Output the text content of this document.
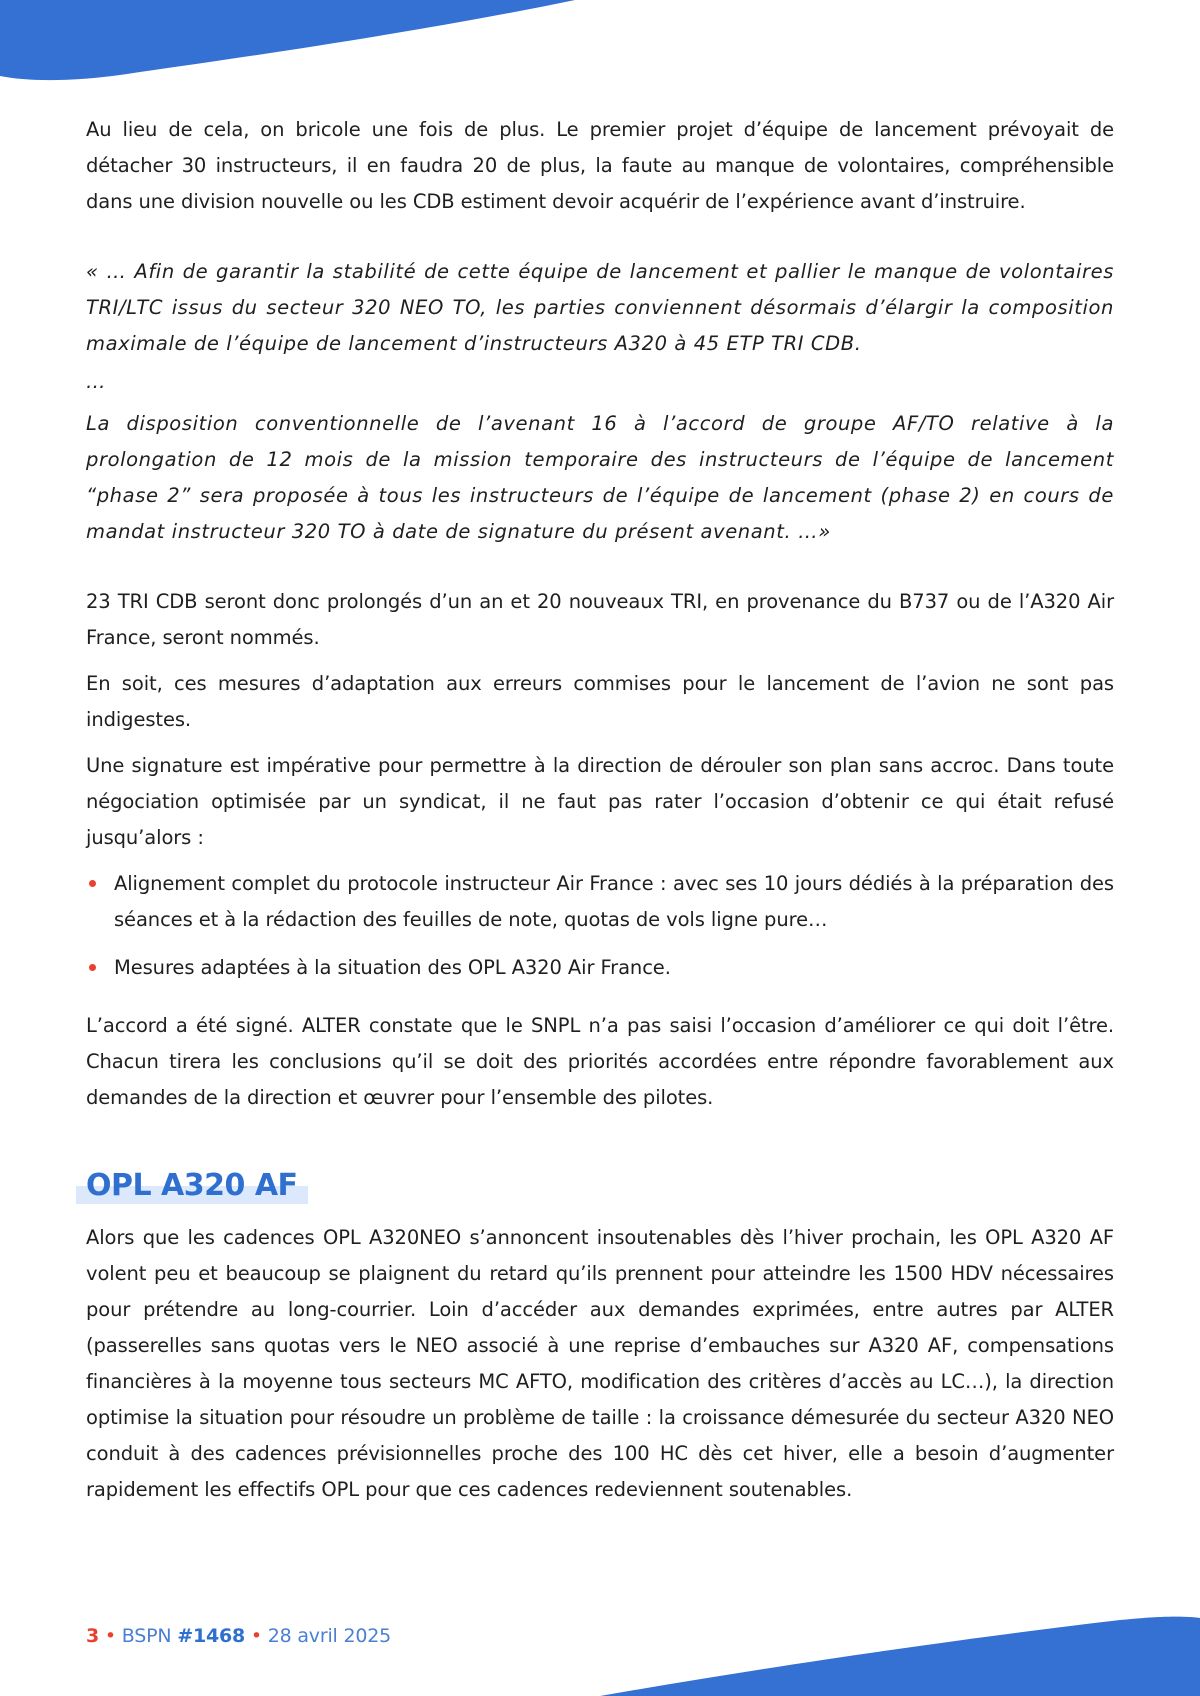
Au lieu de cela, on bricole une fois de plus. Le premier projet d’équipe de lancement prévoyait de détacher 30 instructeurs, il en faudra 20 de plus, la faute au manque de volontaires, compréhensible dans une division nouvelle ou les CDB estiment devoir acquérir de l’expérience avant d’instruire.

« … Afin de garantir la stabilité de cette équipe de lancement et pallier le manque de volontaires TRI/LTC issus du secteur 320 NEO TO, les parties conviennent désormais d’élargir la composition maximale de l’équipe de lancement d’instructeurs A320 à 45 ETP TRI CDB.

…

La disposition conventionnelle de l’avenant 16 à l’accord de groupe AF/TO relative à la prolongation de 12 mois de la mission temporaire des instructeurs de l’équipe de lancement “phase 2” sera proposée à tous les instructeurs de l’équipe de lancement (phase 2) en cours de mandat instructeur 320 TO à date de signature du présent avenant. …»

23 TRI CDB seront donc prolongés d’un an et 20 nouveaux TRI, en provenance du B737 ou de l’A320 Air France, seront nommés.

En soit, ces mesures d’adaptation aux erreurs commises pour le lancement de l’avion ne sont pas indigestes.

Une signature est impérative pour permettre à la direction de dérouler son plan sans accroc. Dans toute négociation optimisée par un syndicat, il ne faut pas rater l’occasion d’obtenir ce qui était refusé jusqu’alors :

Alignement complet du protocole instructeur Air France : avec ses 10 jours dédiés à la préparation des séances et à la rédaction des feuilles de note, quotas de vols ligne pure…
Mesures adaptées à la situation des OPL A320 Air France.

L’accord a été signé. ALTER constate que le SNPL n’a pas saisi l’occasion d’améliorer ce qui doit l’être. Chacun tirera les conclusions qu’il se doit des priorités accordées entre répondre favorablement aux demandes de la direction et œuvrer pour l’ensemble des pilotes.

OPL A320 AF

Alors que les cadences OPL A320NEO s’annoncent insoutenables dès l’hiver prochain, les OPL A320 AF volent peu et beaucoup se plaignent du retard qu’ils prennent pour atteindre les 1500 HDV nécessaires pour prétendre au long-courrier. Loin d’accéder aux demandes exprimées, entre autres par ALTER (passerelles sans quotas vers le NEO associé à une reprise d’embauches sur A320 AF, compensations financières à la moyenne tous secteurs MC AFTO, modification des critères d’accès au LC…), la direction optimise la situation pour résoudre un problème de taille : la croissance démesurée du secteur A320 NEO conduit à des cadences prévisionnelles proche des 100 HC dès cet hiver, elle a besoin d’augmenter rapidement les effectifs OPL pour que ces cadences redeviennent soutenables.

3 • BSPN #1468 • 28 avril 2025
